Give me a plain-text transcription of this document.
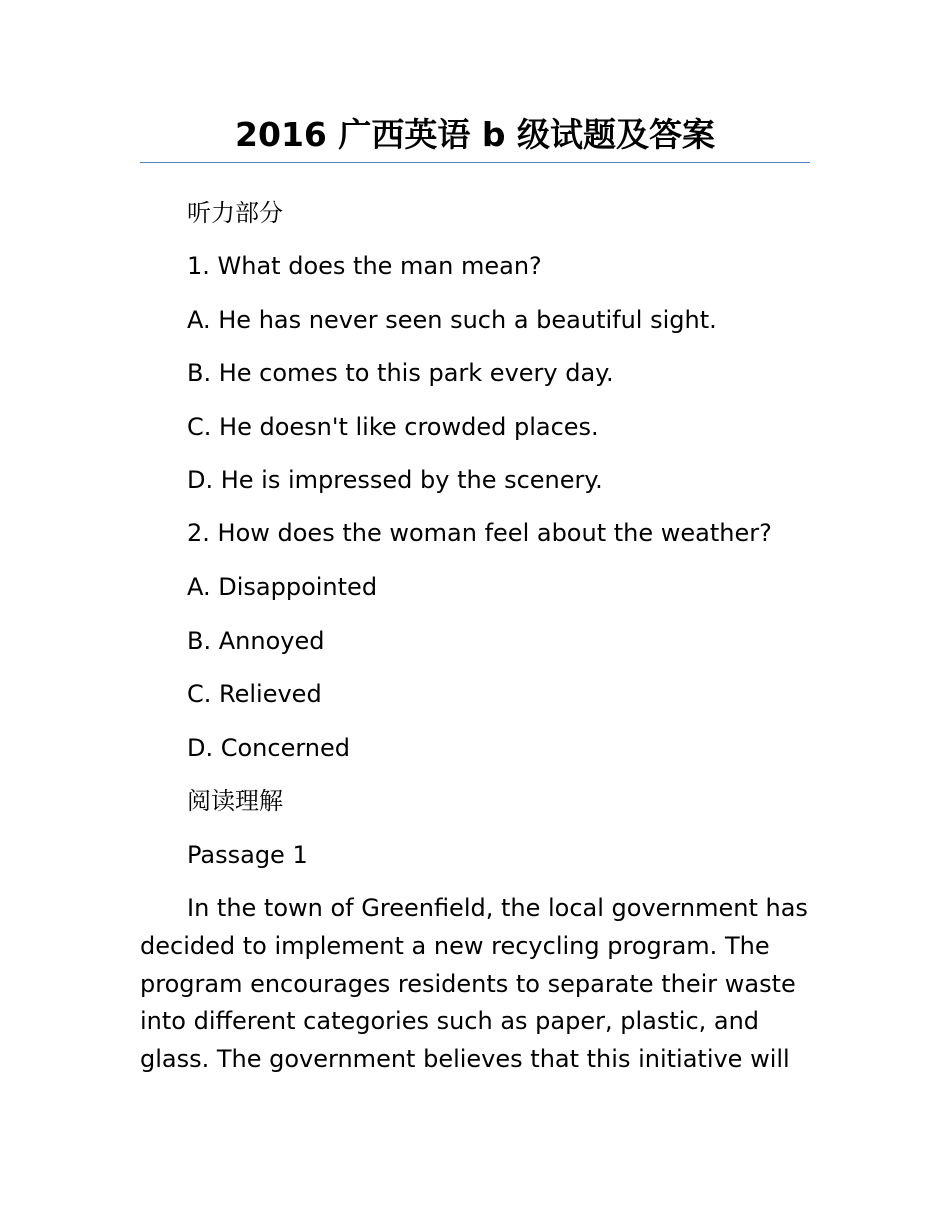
2016 广西英语 b 级试题及答案

听力部分

1. What does the man mean?

A. He has never seen such a beautiful sight.

B. He comes to this park every day.

C. He doesn't like crowded places.

D. He is impressed by the scenery.

2. How does the woman feel about the weather?

A. Disappointed

B. Annoyed

C. Relieved

D. Concerned

阅读理解

Passage 1

In the town of Greenfield, the local government has decided to implement a new recycling program. The program encourages residents to separate their waste into different categories such as paper, plastic, and glass. The government believes that this initiative will
